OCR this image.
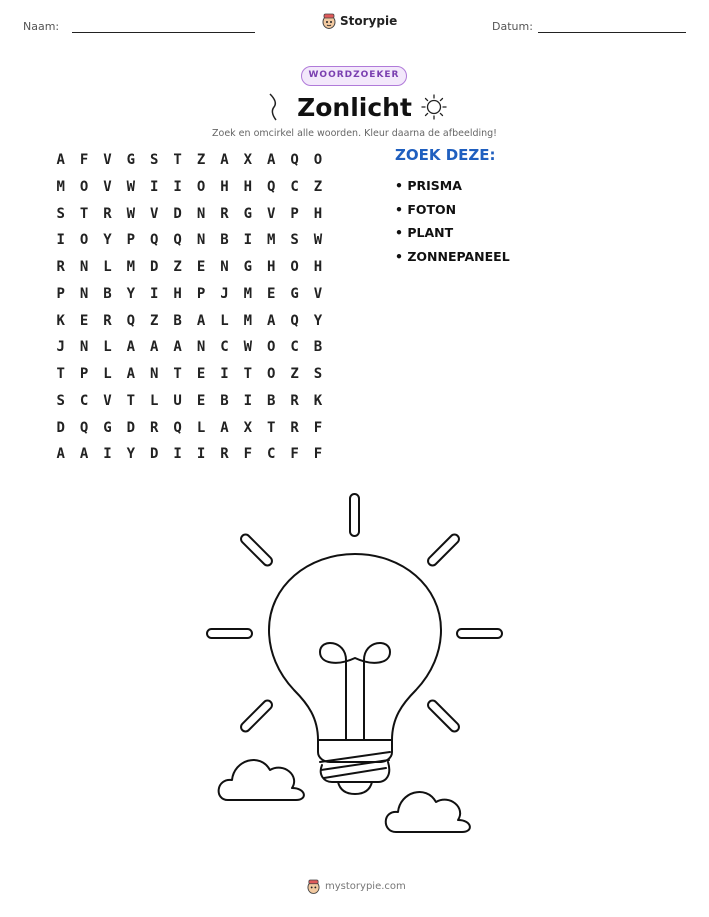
Naam:	Storypie	Datum:
WOORDZOEKER
Zonlicht
Zoek en omcirkel alle woorden. Kleur daarna de afbeelding!
A	F	V	G	S	T	Z	A	X	A	Q	O
M	O	V	W	I	I	O	H	H	Q	C	Z
S	T	R	W	V	D	N	R	G	V	P	H
I	O	Y	P	Q	Q	N	B	I	M	S	W
R	N	L	M	D	Z	E	N	G	H	O	H
P	N	B	Y	I	H	P	J	M	E	G	V
K	E	R	Q	Z	B	A	L	M	A	Q	Y
J	N	L	A	A	A	N	C	W	O	C	B
T	P	L	A	N	T	E	I	T	O	Z	S
S	C	V	T	L	U	E	B	I	B	R	K
D	Q	G	D	R	Q	L	A	X	T	R	F
A	A	I	Y	D	I	I	R	F	C	F	F
ZOEK DEZE:
• PRISMA
• FOTON
• PLANT
• ZONNEPANEEL
mystorypie.com
